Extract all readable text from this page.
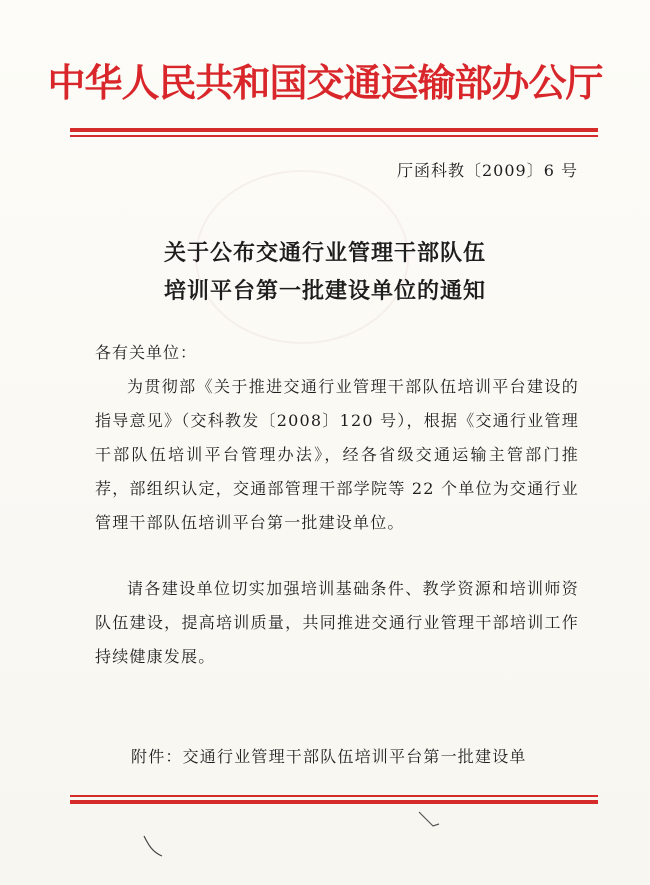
中华人民共和国交通运输部办公厅
厅函科教〔2009〕6 号
关于公布交通行业管理干部队伍
培训平台第一批建设单位的通知
各有关单位：

为贯彻部《关于推进交通行业管理干部队伍培训平台建设的指导意见》（交科教发〔2008〕120 号），根据《交通行业管理干部队伍培训平台管理办法》，经各省级交通运输主管部门推荐，部组织认定，交通部管理干部学院等 22 个单位为交通行业管理干部队伍培训平台第一批建设单位。

请各建设单位切实加强培训基础条件、教学资源和培训师资队伍建设，提高培训质量，共同推进交通行业管理干部培训工作持续健康发展。

附件：交通行业管理干部队伍培训平台第一批建设单
